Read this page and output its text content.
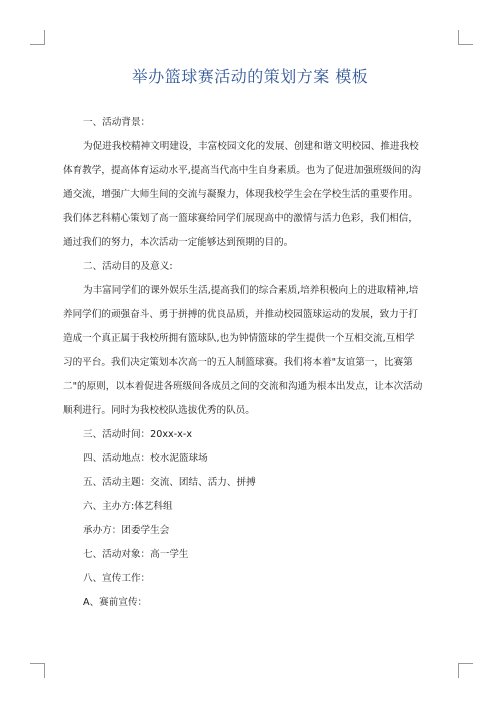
举办篮球赛活动的策划方案 模板

一、活动背景：

为促进我校精神文明建设，丰富校园文化的发展、创建和谐文明校园、推进我校

体育教学，提高体育运动水平,提高当代高中生自身素质。也为了促进加强班级间的沟

通交流，增强广大师生间的交流与凝聚力，体现我校学生会在学校生活的重要作用。

我们体艺科精心策划了高一篮球赛给同学们展现高中的激情与活力色彩，我们相信，

通过我们的努力，本次活动一定能够达到预期的目的。

二、活动目的及意义:

为丰富同学们的课外娱乐生活,提高我们的综合素质,培养积极向上的进取精神,培

养同学们的顽强奋斗、勇于拼搏的优良品质，并推动校园篮球运动的发展，致力于打

造成一个真正属于我校所拥有篮球队,也为钟情篮球的学生提供一个互相交流,互相学

习的平台。我们决定策划本次高一的五人制篮球赛。我们将本着"友谊第一，比赛第

二"的原则，以本着促进各班级间各成员之间的交流和沟通为根本出发点，让本次活动

顺利进行。同时为我校校队选拔优秀的队员。

三、活动时间：20xx-x-x

四、活动地点：校水泥篮球场

五、活动主题：交流、团结、活力、拼搏

六、主办方:体艺科组

承办方：团委学生会

七、活动对象：高一学生

八、宣传工作：

A、赛前宣传：
